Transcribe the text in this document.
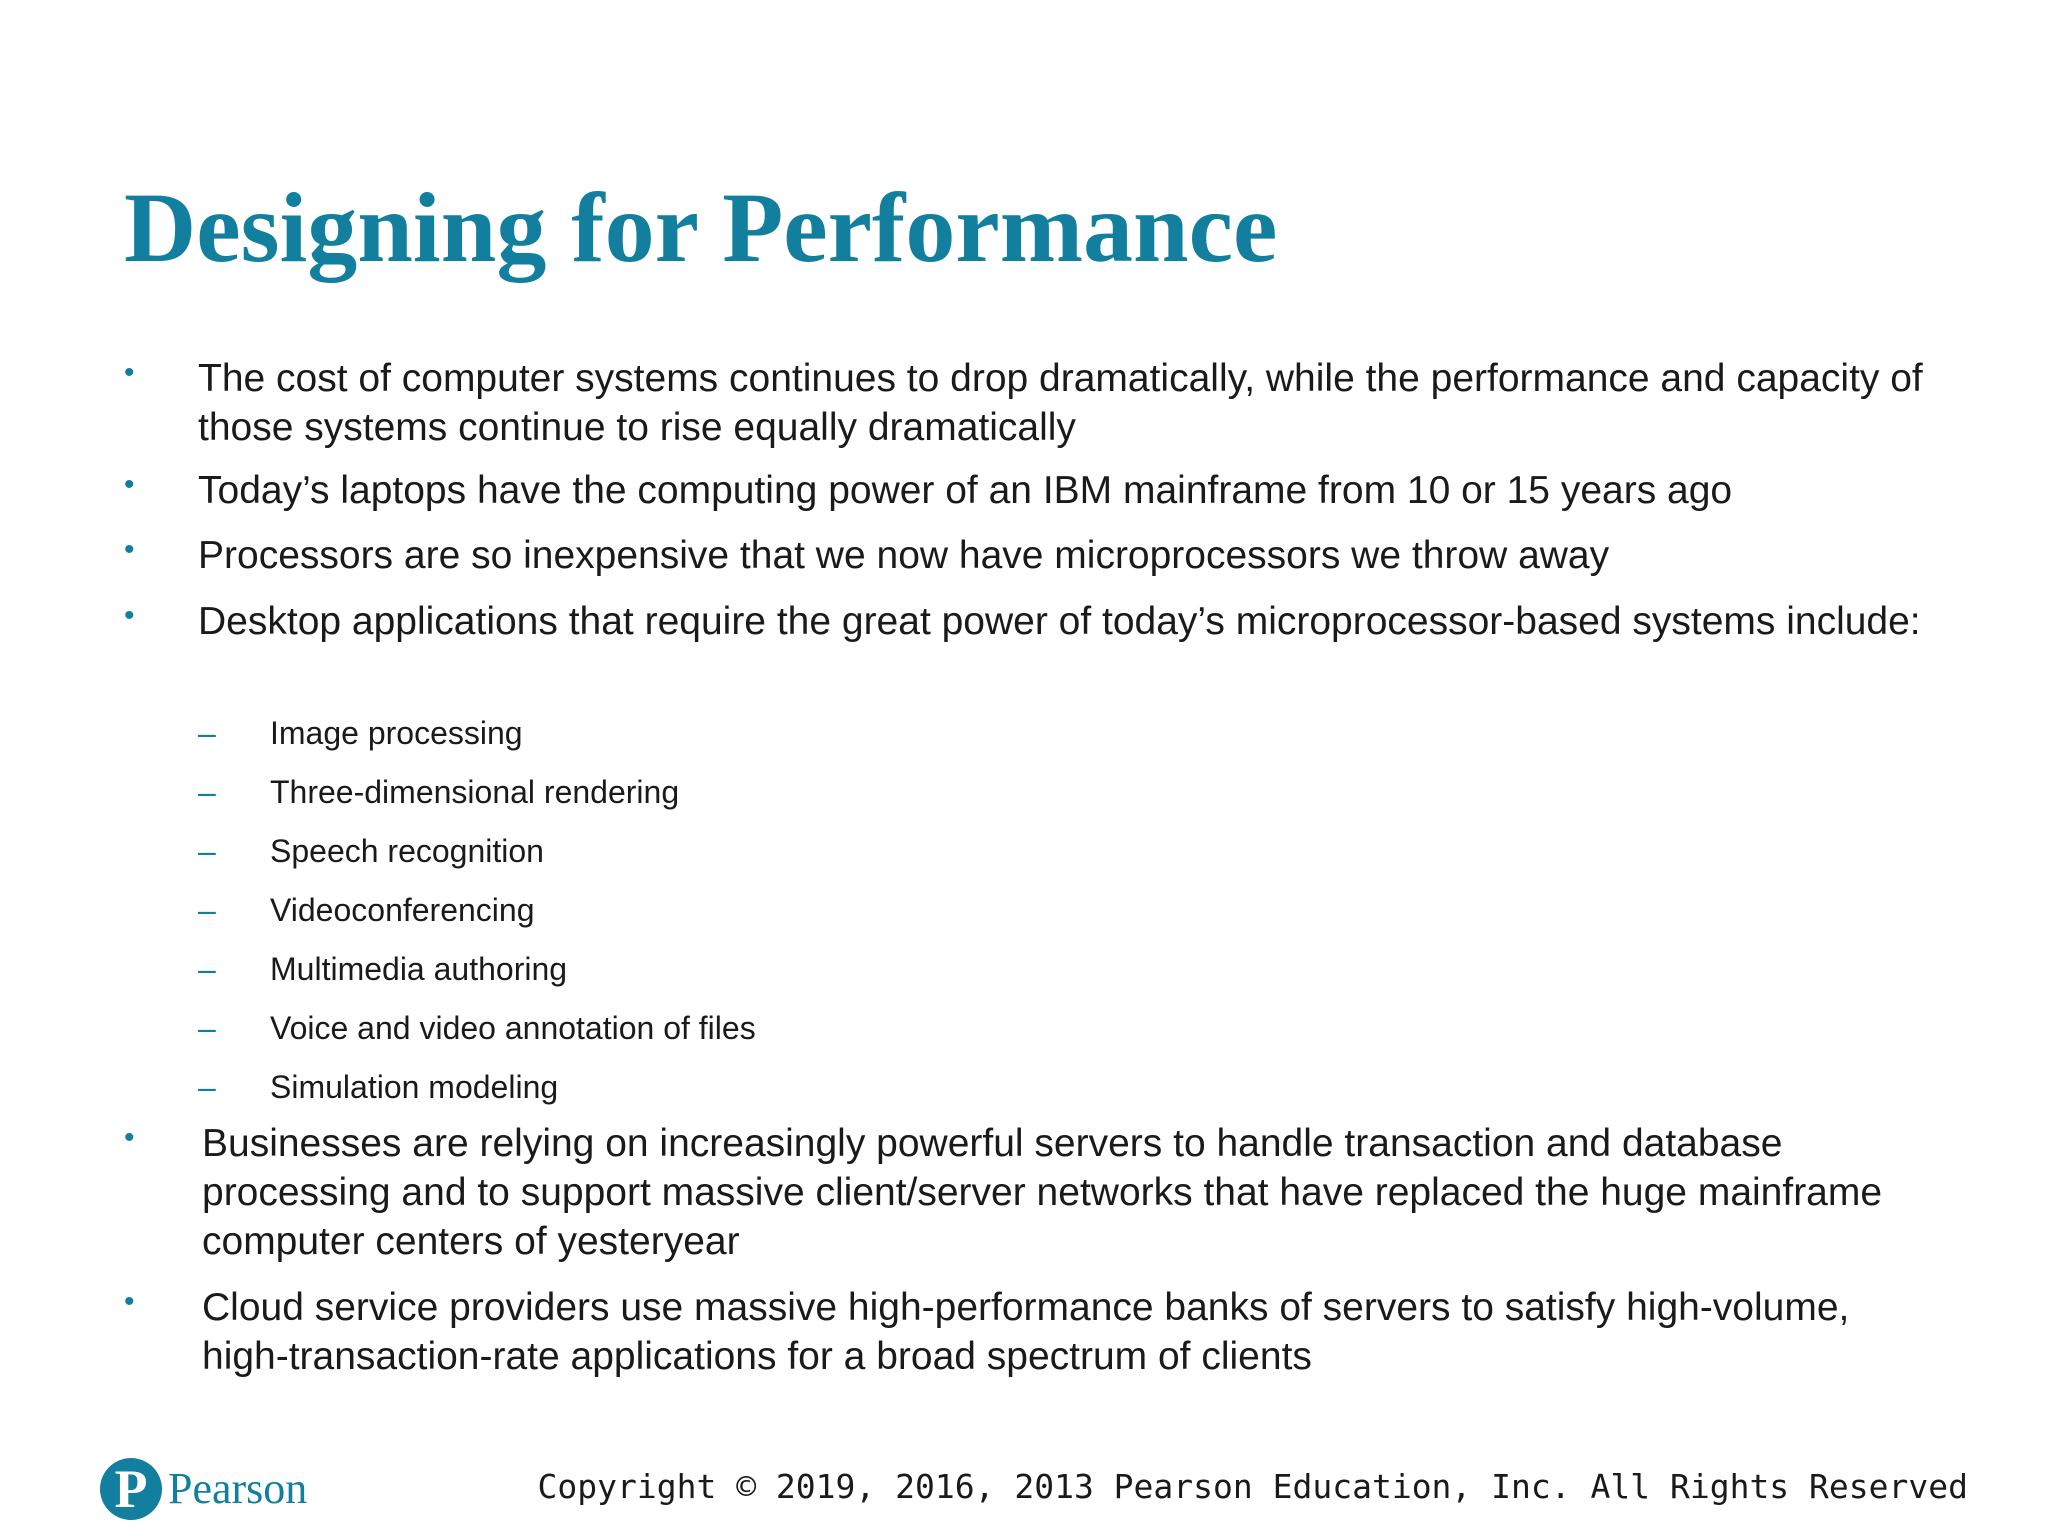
Designing for Performance
• The cost of computer systems continues to drop dramatically, while the performance and capacity of those systems continue to rise equally dramatically
• Today’s laptops have the computing power of an IBM mainframe from 10 or 15 years ago
• Processors are so inexpensive that we now have microprocessors we throw away
• Desktop applications that require the great power of today’s microprocessor-based systems include:
– Image processing
– Three-dimensional rendering
– Speech recognition
– Videoconferencing
– Multimedia authoring
– Voice and video annotation of files
– Simulation modeling
• Businesses are relying on increasingly powerful servers to handle transaction and database processing and to support massive client/server networks that have replaced the huge mainframe computer centers of yesteryear
• Cloud service providers use massive high-performance banks of servers to satisfy high-volume, high-transaction-rate applications for a broad spectrum of clients
P Pearson	Copyright © 2019, 2016, 2013 Pearson Education, Inc. All Rights Reserved
